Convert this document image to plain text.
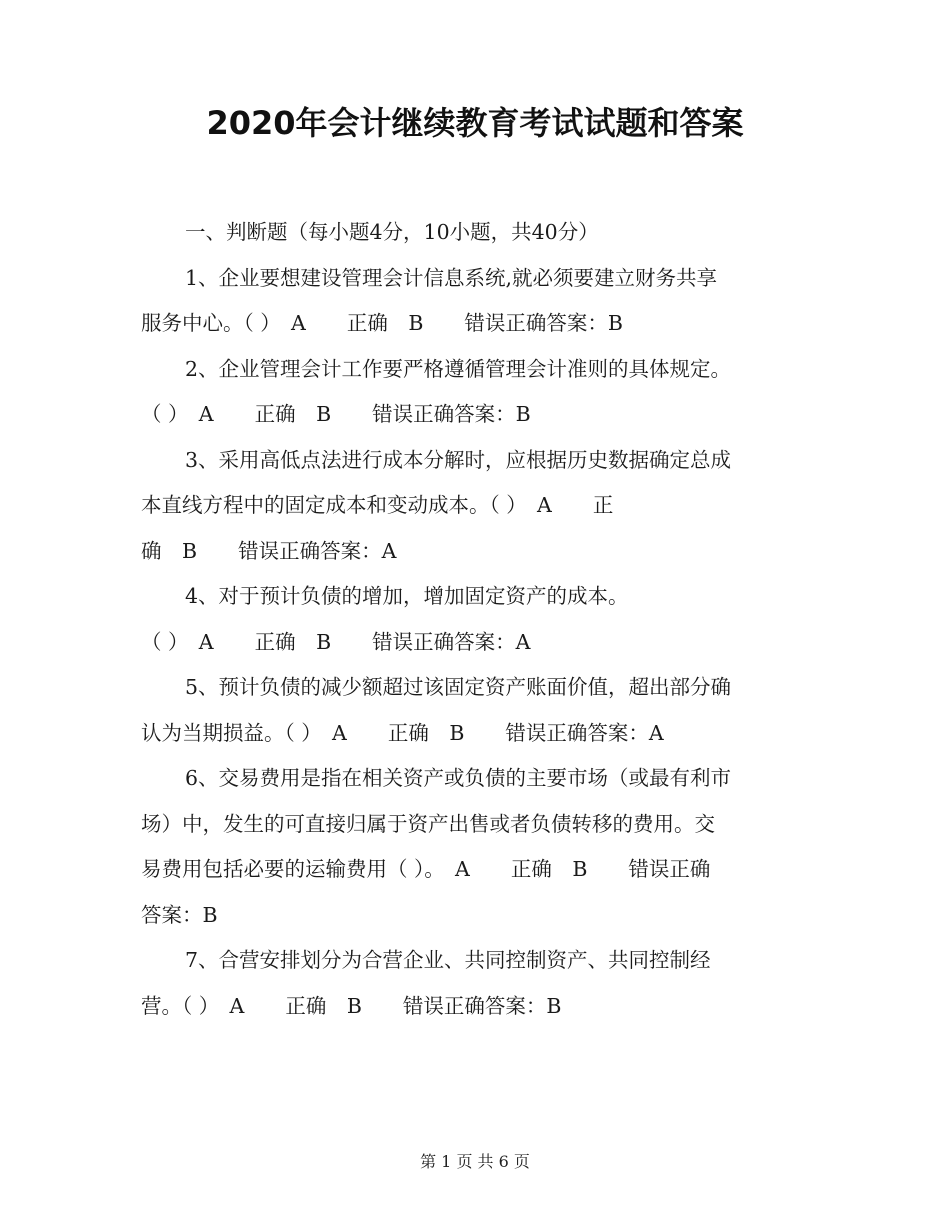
2020年会计继续教育考试试题和答案

一、判断题（每小题4分，10小题，共40分）

1、企业要想建设管理会计信息系统,就必须要建立财务共享

服务中心。（ ）　A　　正确　B　　错误正确答案：B

2、企业管理会计工作要严格遵循管理会计准则的具体规定。

（ ）　A　　正确　B　　错误正确答案：B

3、采用高低点法进行成本分解时，应根据历史数据确定总成

本直线方程中的固定成本和变动成本。（ ）　A　　正

确　B　　错误正确答案：A

4、对于预计负债的增加，增加固定资产的成本。

（ ）　A　　正确　B　　错误正确答案：A

5、预计负债的减少额超过该固定资产账面价值，超出部分确

认为当期损益。（ ）　A　　正确　B　　错误正确答案：A

6、交易费用是指在相关资产或负债的主要市场（或最有利市

场）中，发生的可直接归属于资产出售或者负债转移的费用。交

易费用包括必要的运输费用（ ）。　A　　正确　B　　错误正确

答案：B

7、合营安排划分为合营企业、共同控制资产、共同控制经

营。（ ）　A　　正确　B　　错误正确答案：B

第 1 页 共 6 页
